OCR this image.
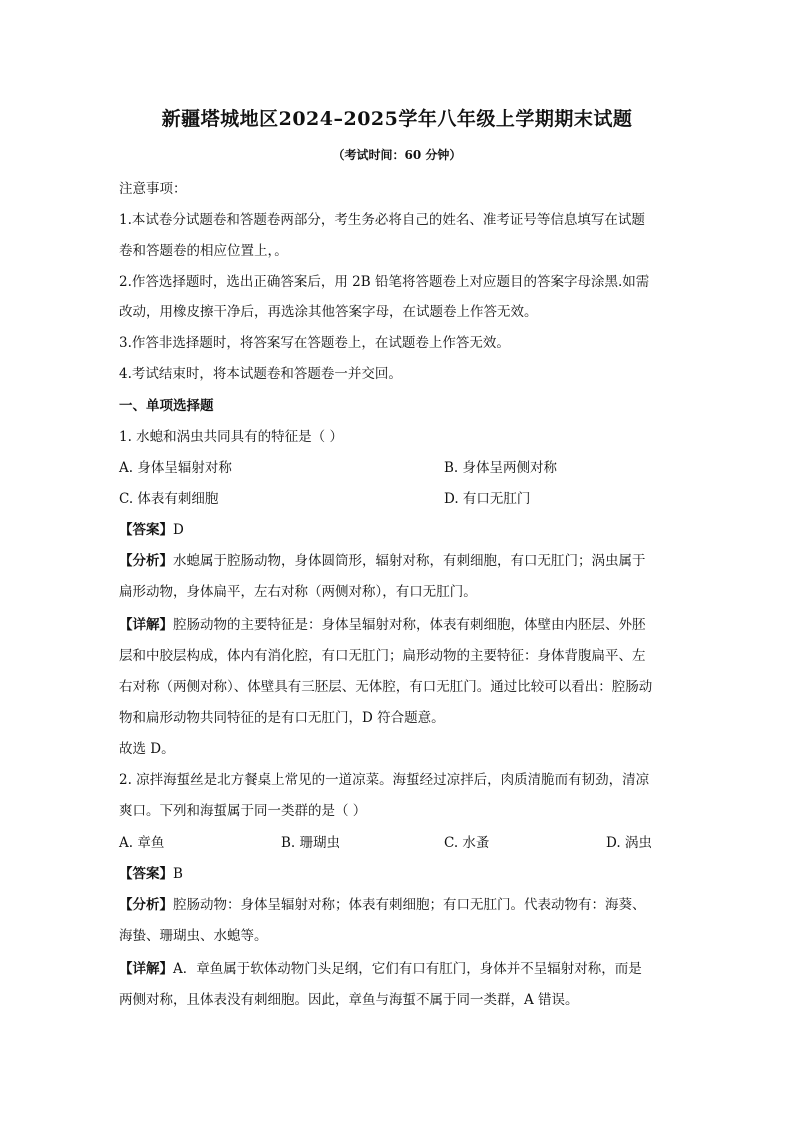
新疆塔城地区2024–2025学年八年级上学期期末试题
（考试时间：60 分钟）
注意事项：
1.本试卷分试题卷和答题卷两部分，考生务必将自己的姓名、准考证号等信息填写在试题
卷和答题卷的相应位置上，。
2.作答选择题时，选出正确答案后，用 2B 铅笔将答题卷上对应题目的答案字母涂黑.如需
改动，用橡皮擦干净后，再选涂其他答案字母，在试题卷上作答无效。
3.作答非选择题时，将答案写在答题卷上，在试题卷上作答无效。
4.考试结束时，将本试题卷和答题卷一并交回。
一、单项选择题
1. 水螅和涡虫共同具有的特征是（ ）
A. 身体呈辐射对称	B. 身体呈两侧对称
C. 体表有刺细胞	D. 有口无肛门
【答案】D
【分析】水螅属于腔肠动物，身体圆筒形，辐射对称，有刺细胞，有口无肛门；涡虫属于
扁形动物，身体扁平，左右对称（两侧对称），有口无肛门。
【详解】腔肠动物的主要特征是：身体呈辐射对称，体表有刺细胞，体壁由内胚层、外胚
层和中胶层构成，体内有消化腔，有口无肛门；扁形动物的主要特征：身体背腹扁平、左
右对称（两侧对称）、体壁具有三胚层、无体腔，有口无肛门。通过比较可以看出：腔肠动
物和扁形动物共同特征的是有口无肛门，D 符合题意。
故选 D。
2. 凉拌海蜇丝是北方餐桌上常见的一道凉菜。海蜇经过凉拌后，肉质清脆而有韧劲，清凉
爽口。下列和海蜇属于同一类群的是（ ）
A. 章鱼	B. 珊瑚虫	C. 水蚤	D. 涡虫
【答案】B
【分析】腔肠动物：身体呈辐射对称；体表有刺细胞；有口无肛门。代表动物有：海葵、
海蛰、珊瑚虫、水螅等。
【详解】A．章鱼属于软体动物门头足纲，它们有口有肛门，身体并不呈辐射对称，而是
两侧对称，且体表没有刺细胞。因此，章鱼与海蜇不属于同一类群，A 错误。
